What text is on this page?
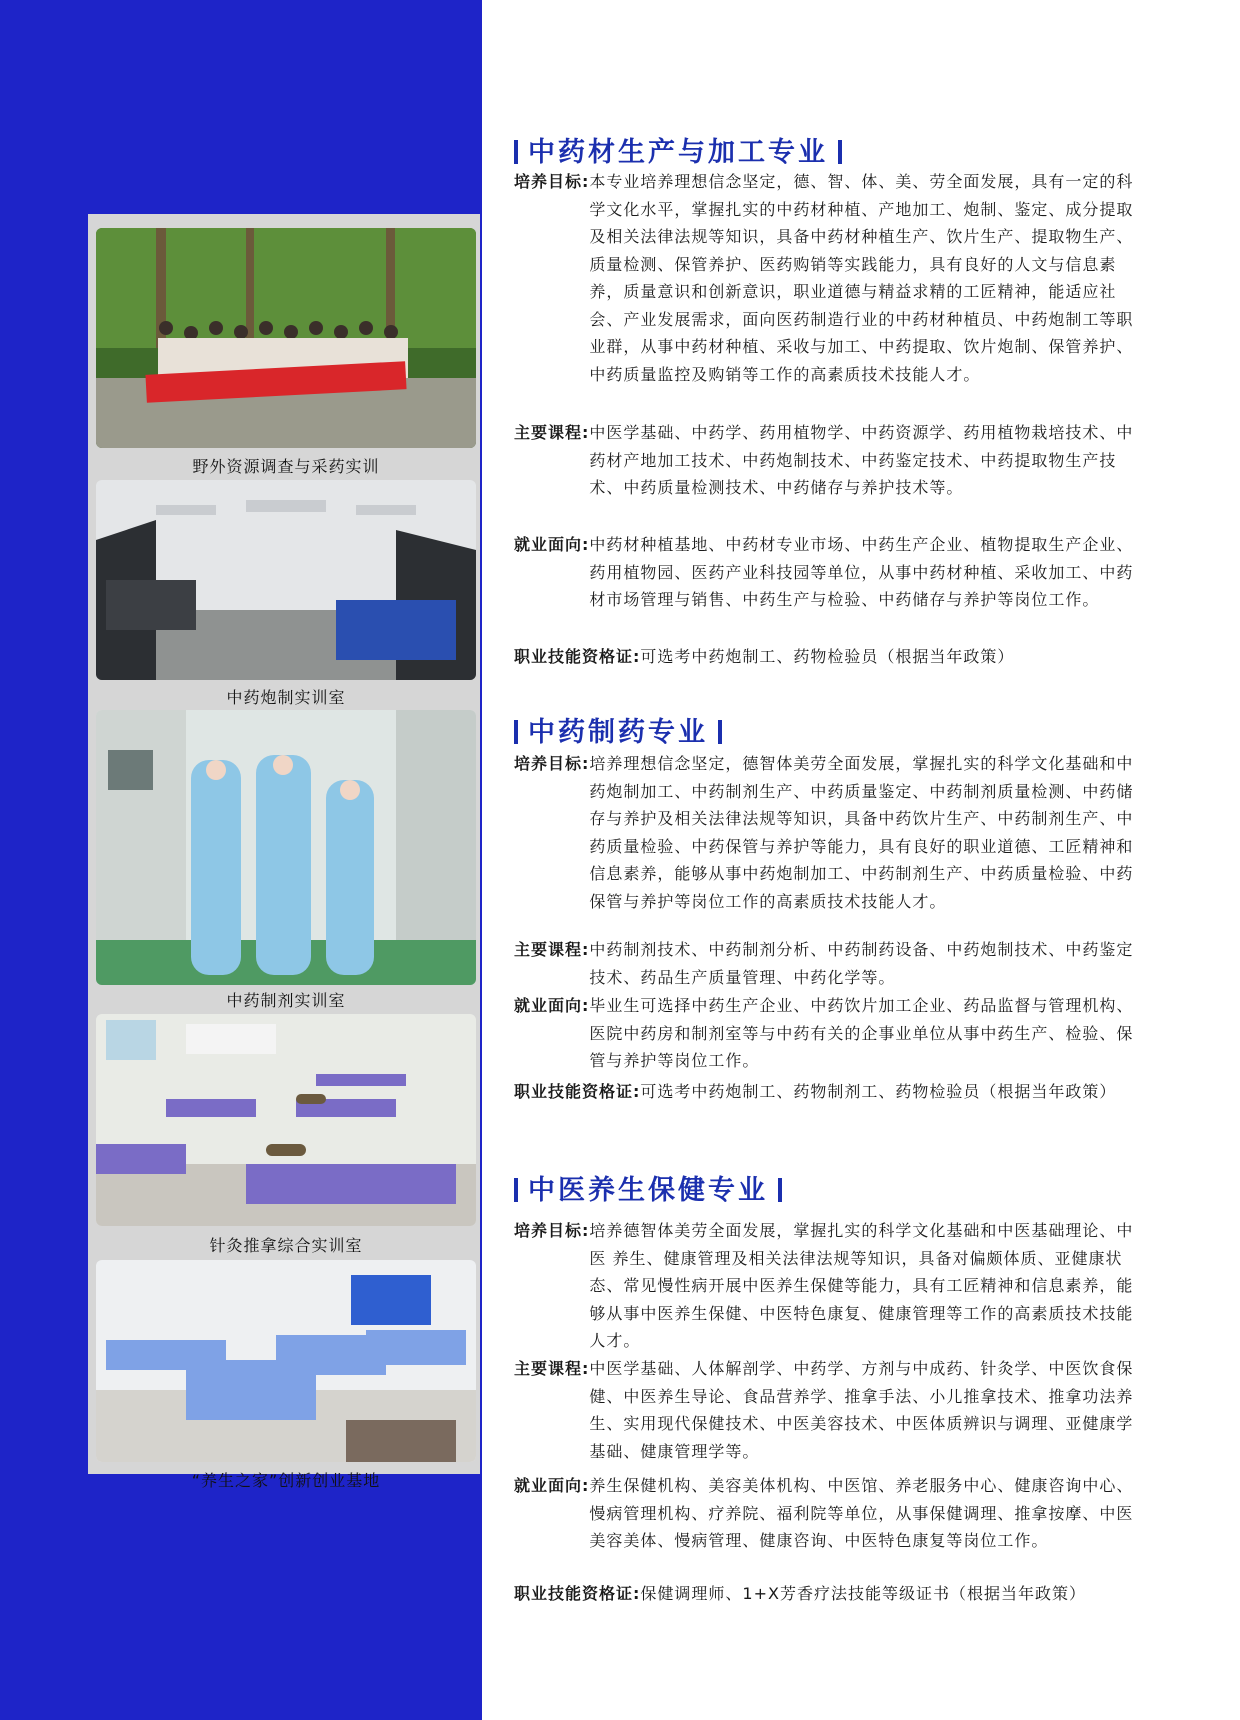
野外资源调查与采药实训
中药炮制实训室
中药制剂实训室
针灸推拿综合实训室
“养生之家”创新创业基地
中药材生产与加工专业
培养目标: 本专业培养理想信念坚定，德、智、体、美、劳全面发展，具有一定的科学文化水平，掌握扎实的中药材种植、产地加工、炮制、鉴定、成分提取及相关法律法规等知识，具备中药材种植生产、饮片生产、提取物生产、质量检测、保管养护、医药购销等实践能力，具有良好的人文与信息素养，质量意识和创新意识，职业道德与精益求精的工匠精神，能适应社会、产业发展需求，面向医药制造行业的中药材种植员、中药炮制工等职业群，从事中药材种植、采收与加工、中药提取、饮片炮制、保管养护、中药质量监控及购销等工作的高素质技术技能人才。
主要课程: 中医学基础、中药学、药用植物学、中药资源学、药用植物栽培技术、中药材产地加工技术、中药炮制技术、中药鉴定技术、中药提取物生产技术、中药质量检测技术、中药储存与养护技术等。
就业面向: 中药材种植基地、中药材专业市场、中药生产企业、植物提取生产企业、药用植物园、医药产业科技园等单位，从事中药材种植、采收加工、中药材市场管理与销售、中药生产与检验、中药储存与养护等岗位工作。
职业技能资格证: 可选考中药炮制工、药物检验员（根据当年政策）
中药制药专业
培养目标: 培养理想信念坚定，德智体美劳全面发展，掌握扎实的科学文化基础和中药炮制加工、中药制剂生产、中药质量鉴定、中药制剂质量检测、中药储存与养护及相关法律法规等知识，具备中药饮片生产、中药制剂生产、中药质量检验、中药保管与养护等能力，具有良好的职业道德、工匠精神和信息素养，能够从事中药炮制加工、中药制剂生产、中药质量检验、中药保管与养护等岗位工作的高素质技术技能人才。
主要课程: 中药制剂技术、中药制剂分析、中药制药设备、中药炮制技术、中药鉴定技术、药品生产质量管理、中药化学等。
就业面向: 毕业生可选择中药生产企业、中药饮片加工企业、药品监督与管理机构、医院中药房和制剂室等与中药有关的企事业单位从事中药生产、检验、保管与养护等岗位工作。
职业技能资格证: 可选考中药炮制工、药物制剂工、药物检验员（根据当年政策）
中医养生保健专业
培养目标: 培养德智体美劳全面发展，掌握扎实的科学文化基础和中医基础理论、中医 养生、健康管理及相关法律法规等知识，具备对偏颇体质、亚健康状态、常见慢性病开展中医养生保健等能力，具有工匠精神和信息素养，能够从事中医养生保健、中医特色康复、健康管理等工作的高素质技术技能人才。
主要课程: 中医学基础、人体解剖学、中药学、方剂与中成药、针灸学、中医饮食保健、中医养生导论、食品营养学、推拿手法、小儿推拿技术、推拿功法养生、实用现代保健技术、中医美容技术、中医体质辨识与调理、亚健康学基础、健康管理学等。
就业面向: 养生保健机构、美容美体机构、中医馆、养老服务中心、健康咨询中心、慢病管理机构、疗养院、福利院等单位，从事保健调理、推拿按摩、中医美容美体、慢病管理、健康咨询、中医特色康复等岗位工作。
职业技能资格证: 保健调理师、1+X芳香疗法技能等级证书（根据当年政策）
